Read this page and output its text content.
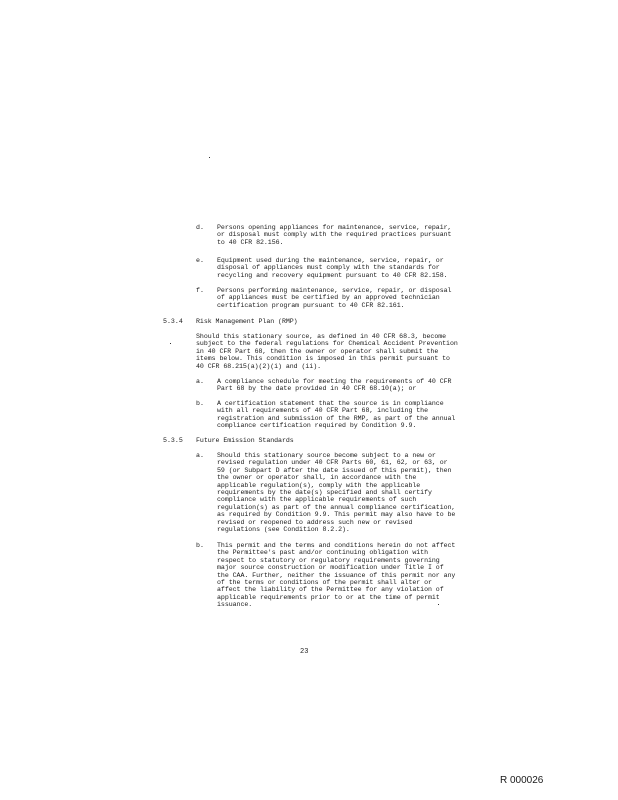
d. Persons opening appliances for maintenance, service, repair, or disposal must comply with the required practices pursuant to 40 CFR 82.156.
e. Equipment used during the maintenance, service, repair, or disposal of appliances must comply with the standards for recycling and recovery equipment pursuant to 40 CFR 82.158.
f. Persons performing maintenance, service, repair, or disposal of appliances must be certified by an approved technician certification program pursuant to 40 CFR 82.161.
5.3.4 Risk Management Plan (RMP)
Should this stationary source, as defined in 40 CFR 68.3, become subject to the federal regulations for Chemical Accident Prevention in 40 CFR Part 68, then the owner or operator shall submit the items below. This condition is imposed in this permit pursuant to 40 CFR 68.215(a)(2)(i) and (ii).
a. A compliance schedule for meeting the requirements of 40 CFR Part 68 by the date provided in 40 CFR 68.10(a); or
b. A certification statement that the source is in compliance with all requirements of 40 CFR Part 68, including the registration and submission of the RMP, as part of the annual compliance certification required by Condition 9.9.
5.3.5 Future Emission Standards
a. Should this stationary source become subject to a new or revised regulation under 40 CFR Parts 60, 61, 62, or 63, or 59 (or Subpart D after the date issued of this permit), then the owner or operator shall, in accordance with the applicable regulation(s), comply with the applicable requirements by the date(s) specified and shall certify compliance with the applicable requirements of such regulation(s) as part of the annual compliance certification, as required by Condition 9.9. This permit may also have to be revised or reopened to address such new or revised regulations (see Condition 8.2.2).
b. This permit and the terms and conditions herein do not affect the Permittee's past and/or continuing obligation with respect to statutory or regulatory requirements governing major source construction or modification under Title I of the CAA. Further, neither the issuance of this permit nor any of the terms or conditions of the permit shall alter or affect the liability of the Permittee for any violation of applicable requirements prior to or at the time of permit issuance.
23
R 000026
